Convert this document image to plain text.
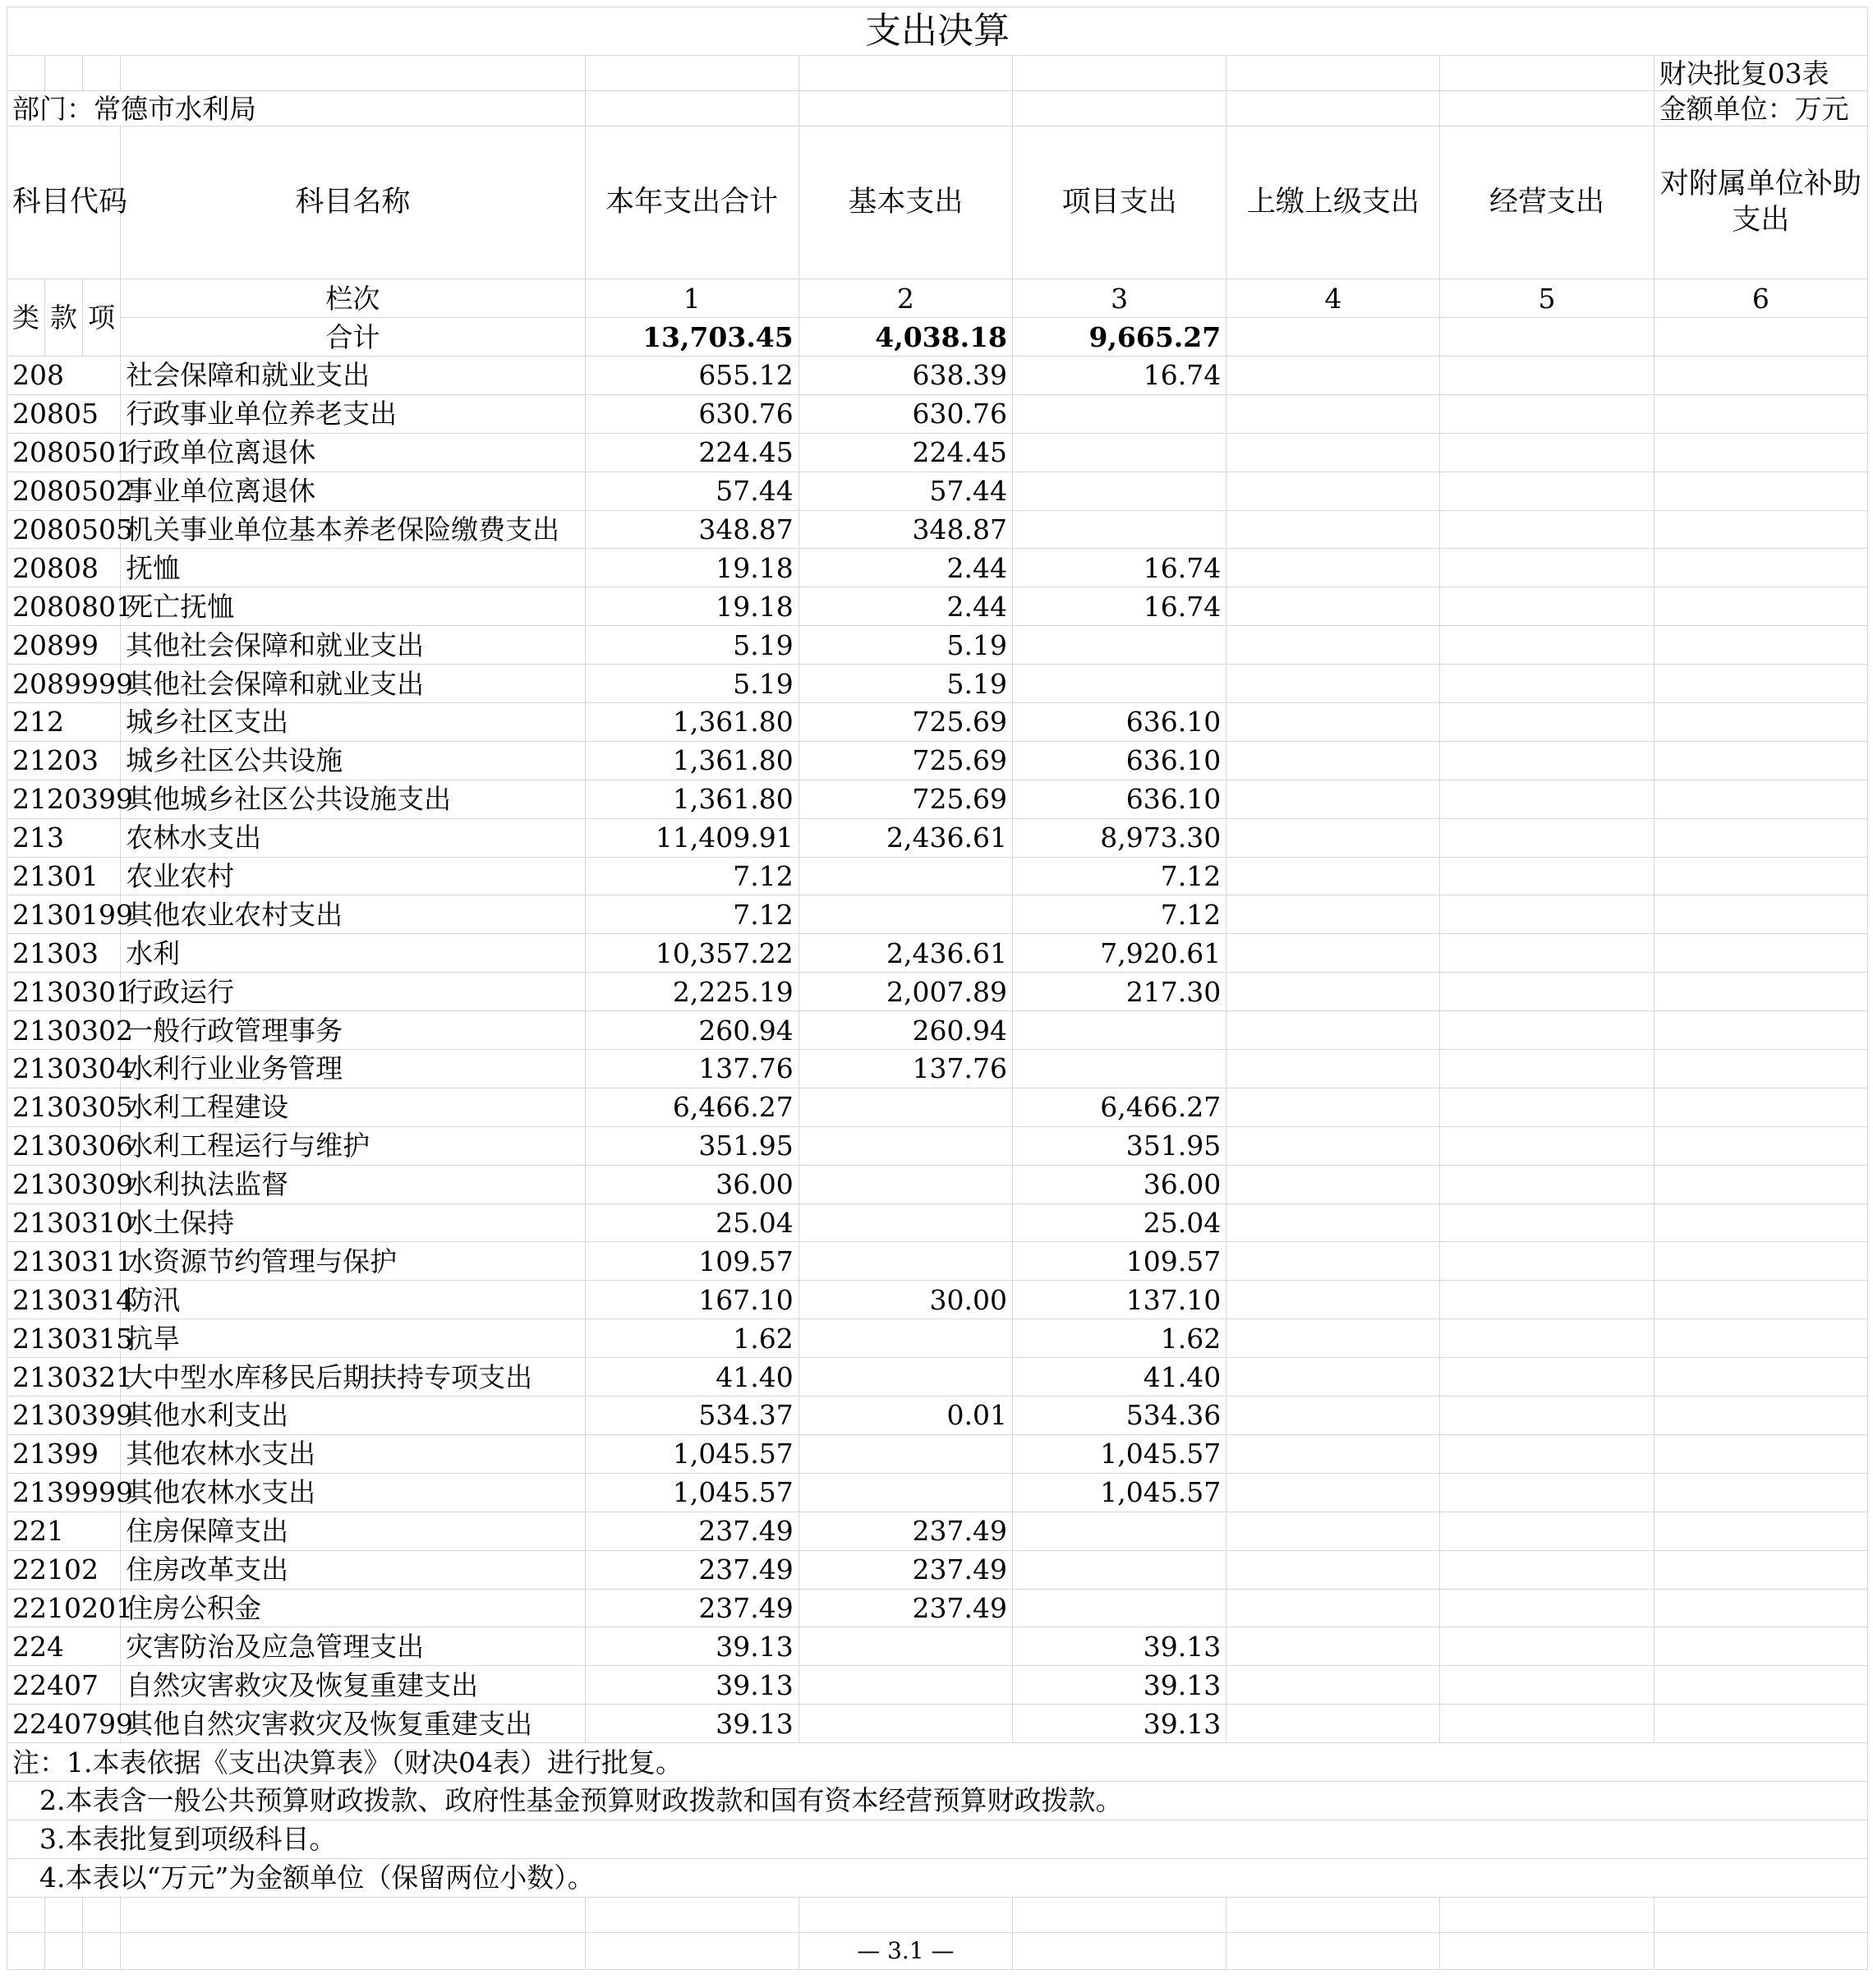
支出决算									
									财决批复03表
部门：常德市水利局									金额单位：万元
科目代码			科目名称	本年支出合计	基本支出	项目支出	上缴上级支出	经营支出	对附属单位补助支出
类	款	项	栏次	1	2	3	4	5	6
			合计	13,703.45	4,038.18	9,665.27			
208			社会保障和就业支出	655.12	638.39	16.74			
20805			行政事业单位养老支出	630.76	630.76				
2080501			行政单位离退休	224.45	224.45				
2080502			事业单位离退休	57.44	57.44				
2080505			机关事业单位基本养老保险缴费支出	348.87	348.87				
20808			抚恤	19.18	2.44	16.74			
2080801			死亡抚恤	19.18	2.44	16.74			
20899			其他社会保障和就业支出	5.19	5.19				
2089999			其他社会保障和就业支出	5.19	5.19				
212			城乡社区支出	1,361.80	725.69	636.10			
21203			城乡社区公共设施	1,361.80	725.69	636.10			
2120399			其他城乡社区公共设施支出	1,361.80	725.69	636.10			
213			农林水支出	11,409.91	2,436.61	8,973.30			
21301			农业农村	7.12		7.12			
2130199			其他农业农村支出	7.12		7.12			
21303			水利	10,357.22	2,436.61	7,920.61			
2130301			行政运行	2,225.19	2,007.89	217.30			
2130302			一般行政管理事务	260.94	260.94				
2130304			水利行业业务管理	137.76	137.76				
2130305			水利工程建设	6,466.27		6,466.27			
2130306			水利工程运行与维护	351.95		351.95			
2130309			水利执法监督	36.00		36.00			
2130310			水土保持	25.04		25.04			
2130311			水资源节约管理与保护	109.57		109.57			
2130314			防汛	167.10	30.00	137.10			
2130315			抗旱	1.62		1.62			
2130321			大中型水库移民后期扶持专项支出	41.40		41.40			
2130399			其他水利支出	534.37	0.01	534.36			
21399			其他农林水支出	1,045.57		1,045.57			
2139999			其他农林水支出	1,045.57		1,045.57			
221			住房保障支出	237.49	237.49				
22102			住房改革支出	237.49	237.49				
2210201			住房公积金	237.49	237.49				
224			灾害防治及应急管理支出	39.13		39.13			
22407			自然灾害救灾及恢复重建支出	39.13		39.13			
2240799			其他自然灾害救灾及恢复重建支出	39.13		39.13			
注：1.本表依据《支出决算表》（财决04表）进行批复。									
　2.本表含一般公共预算财政拨款、政府性基金预算财政拨款和国有资本经营预算财政拨款。									
　3.本表批复到项级科目。									
　4.本表以“万元”为金额单位（保留两位小数）。									

					— 3.1 —				
